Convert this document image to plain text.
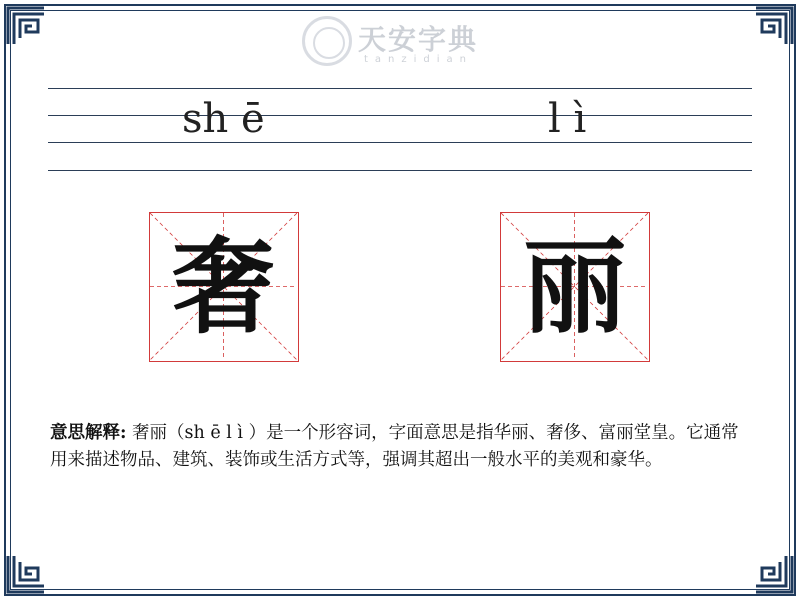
天安字典
tanzidian
sh ē	l ì
奢 丽
意思解释: 奢丽（sh ē l ì ）是一个形容词，字面意思是指华丽、奢侈、富丽堂皇。它通常用来描述物品、建筑、装饰或生活方式等，强调其超出一般水平的美观和豪华。
